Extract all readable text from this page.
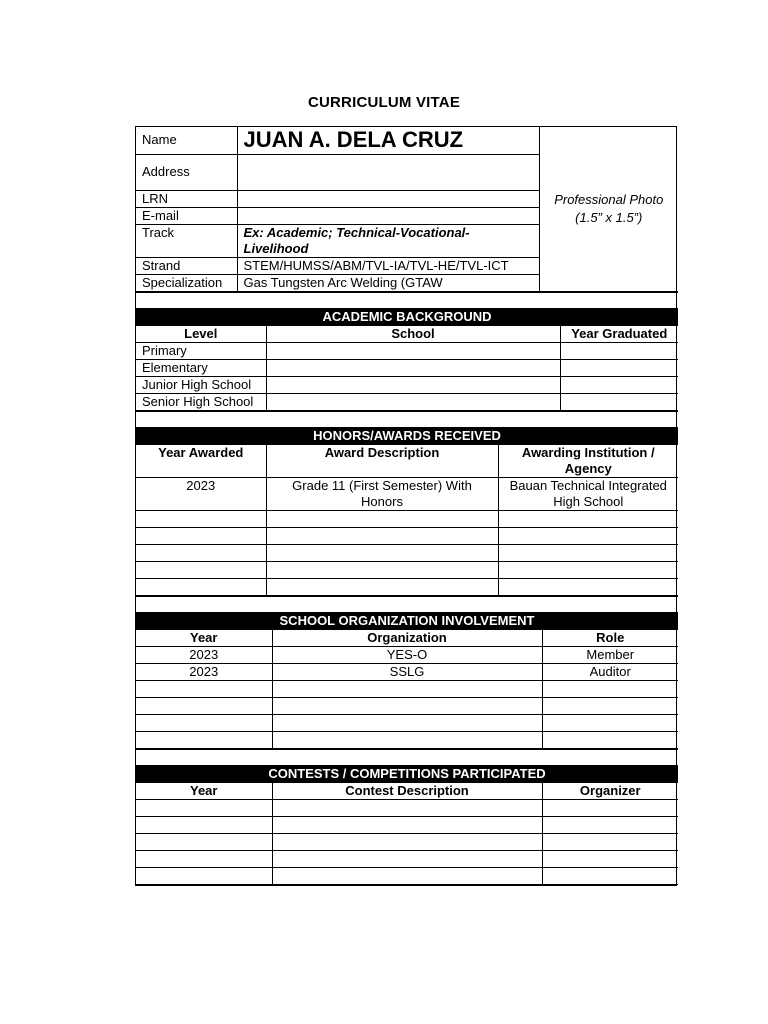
CURRICULUM VITAE
Name	JUAN A. DELA CRUZ	Professional Photo
(1.5” x 1.5”)

Address		
LRN		
E-mail		
Track	Ex: Academic; Technical-Vocational-Livelihood	
Strand	STEM/HUMSS/ABM/TVL-IA/TVL-HE/TVL-ICT	
Specialization	Gas Tungsten Arc Welding (GTAW	

ACADEMIC BACKGROUND		
Level	School	Year Graduated
Primary		
Elementary		
Junior High School		
Senior High School		

HONORS/AWARDS RECEIVED		
Year Awarded	Award Description	Awarding Institution / Agency
2023	Grade 11 (First Semester) With Honors	Bauan Technical Integrated High School

SCHOOL ORGANIZATION INVOLVEMENT		
Year	Organization	Role
2023	YES-O	Member
2023	SSLG	Auditor

CONTESTS / COMPETITIONS PARTICIPATED		
Year	Contest Description	Organizer
